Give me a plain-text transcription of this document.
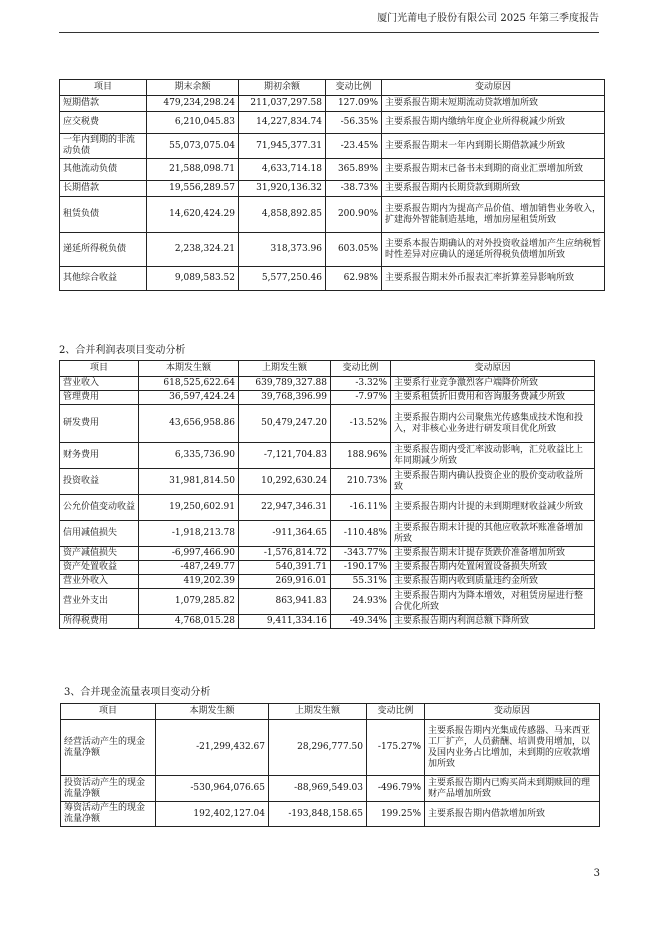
厦门光莆电子股份有限公司 2025 年第三季度报告
项目	期末余额	期初余额	变动比例	变动原因
短期借款	479,234,298.24	211,037,297.58	127.09%	主要系报告期末短期流动贷款增加所致
应交税费	6,210,045.83	14,227,834.74	-56.35%	主要系报告期内缴纳年度企业所得税减少所致
一年内到期的非流动负债	55,073,075.04	71,945,377.31	-23.45%	主要系报告期末一年内到期长期借款减少所致
其他流动负债	21,588,098.71	4,633,714.18	365.89%	主要系报告期末已备书未到期的商业汇票增加所致
长期借款	19,556,289.57	31,920,136.32	-38.73%	主要系报告期内长期贷款到期所致
租赁负债	14,620,424.29	4,858,892.85	200.90%	主要系报告期内为提高产品价值、增加销售业务收入，扩建海外智能制造基地，增加房屋租赁所致
递延所得税负债	2,238,324.21	318,373.96	603.05%	主要系本报告期确认的对外投资收益增加产生应纳税暂时性差异对应确认的递延所得税负债增加所致
其他综合收益	9,089,583.52	5,577,250.46	62.98%	主要系报告期末外币报表汇率折算差异影响所致
2、合并利润表项目变动分析
项目	本期发生额	上期发生额	变动比例	变动原因
营业收入	618,525,622.64	639,789,327.88	-3.32%	主要系行业竞争激烈客户端降价所致
管理费用	36,597,424.24	39,768,396.99	-7.97%	主要系租赁折旧费用和咨询服务费减少所致
研发费用	43,656,958.86	50,479,247.20	-13.52%	主要系报告期内公司聚焦光传感集成技术饱和投入，对非核心业务进行研发项目优化所致
财务费用	6,335,736.90	-7,121,704.83	188.96%	主要系报告期内受汇率波动影响，汇兑收益比上年同期减少所致
投资收益	31,981,814.50	10,292,630.24	210.73%	主要系报告期内确认投资企业的股价变动收益所致
公允价值变动收益	19,250,602.91	22,947,346.31	-16.11%	主要系报告期内计提的未到期理财收益减少所致
信用减值损失	-1,918,213.78	-911,364.65	-110.48%	主要系报告期末计提的其他应收款坏账准备增加所致
资产减值损失	-6,997,466.90	-1,576,814.72	-343.77%	主要系报告期末计提存货跌价准备增加所致
资产处置收益	-487,249.77	540,391.71	-190.17%	主要系报告期内处置闲置设备损失所致
营业外收入	419,202.39	269,916.01	55.31%	主要系报告期内收到质量违约金所致
营业外支出	1,079,285.82	863,941.83	24.93%	主要系报告期内为降本增效，对租赁房屋进行整合优化所致
所得税费用	4,768,015.28	9,411,334.16	-49.34%	主要系报告期内利润总额下降所致
3、合并现金流量表项目变动分析
项目	本期发生额	上期发生额	变动比例	变动原因
经营活动产生的现金流量净额	-21,299,432.67	28,296,777.50	-175.27%	主要系报告期内光集成传感器、马来西亚工厂扩产，人员薪酬、培训费用增加，以及国内业务占比增加，未到期的应收款增加所致
投资活动产生的现金流量净额	-530,964,076.65	-88,969,549.03	-496.79%	主要系报告期内已购买尚未到期赎回的理财产品增加所致
筹资活动产生的现金流量净额	192,402,127.04	-193,848,158.65	199.25%	主要系报告期内借款增加所致
3
